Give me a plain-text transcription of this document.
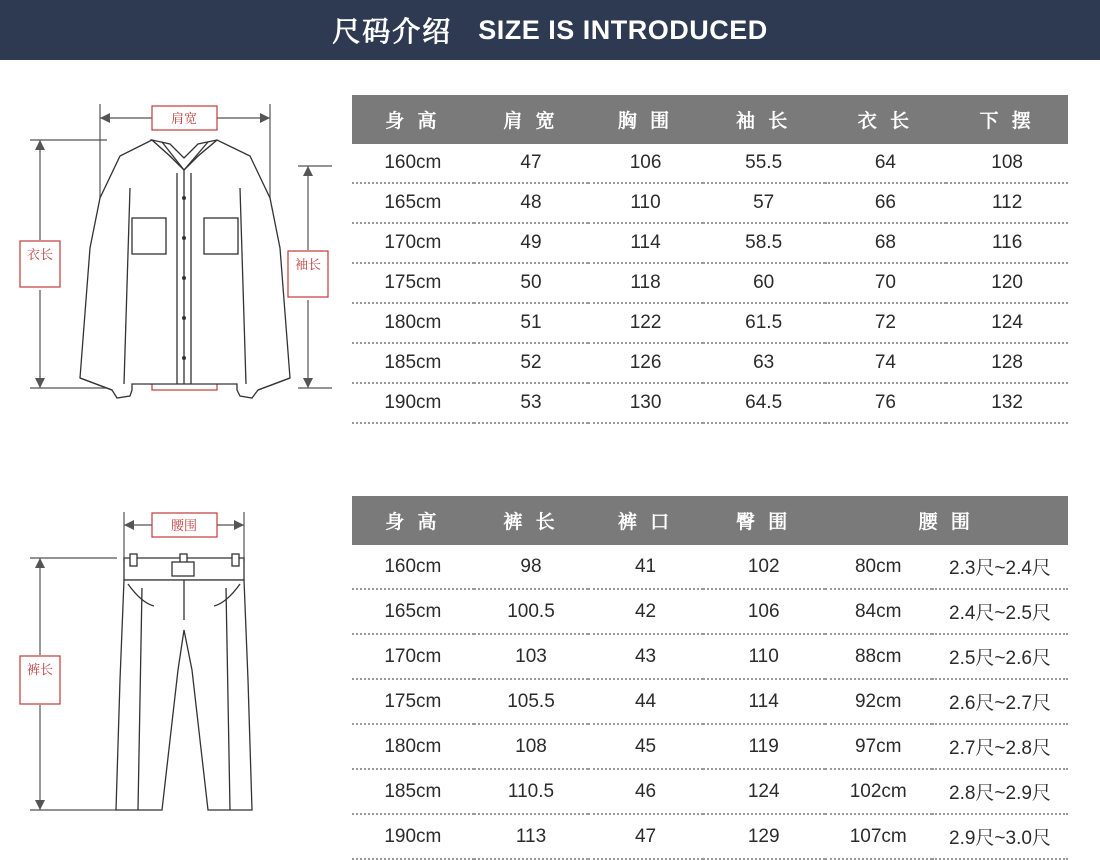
尺码介绍 SIZE IS INTRODUCED
肩宽
衣长
袖长
腰围
裤长
身 高	肩 宽	胸 围	袖 长	衣 长	下 摆
160cm	47	106	55.5	64	108
165cm	48	110	57	66	112
170cm	49	114	58.5	68	116
175cm	50	118	60	70	120
180cm	51	122	61.5	72	124
185cm	52	126	63	74	128
190cm	53	130	64.5	76	132
身 高	裤 长	裤 口	臀 围	腰 围	
160cm	98	41	102	80cm	2.3尺~2.4尺
165cm	100.5	42	106	84cm	2.4尺~2.5尺
170cm	103	43	110	88cm	2.5尺~2.6尺
175cm	105.5	44	114	92cm	2.6尺~2.7尺
180cm	108	45	119	97cm	2.7尺~2.8尺
185cm	110.5	46	124	102cm	2.8尺~2.9尺
190cm	113	47	129	107cm	2.9尺~3.0尺
